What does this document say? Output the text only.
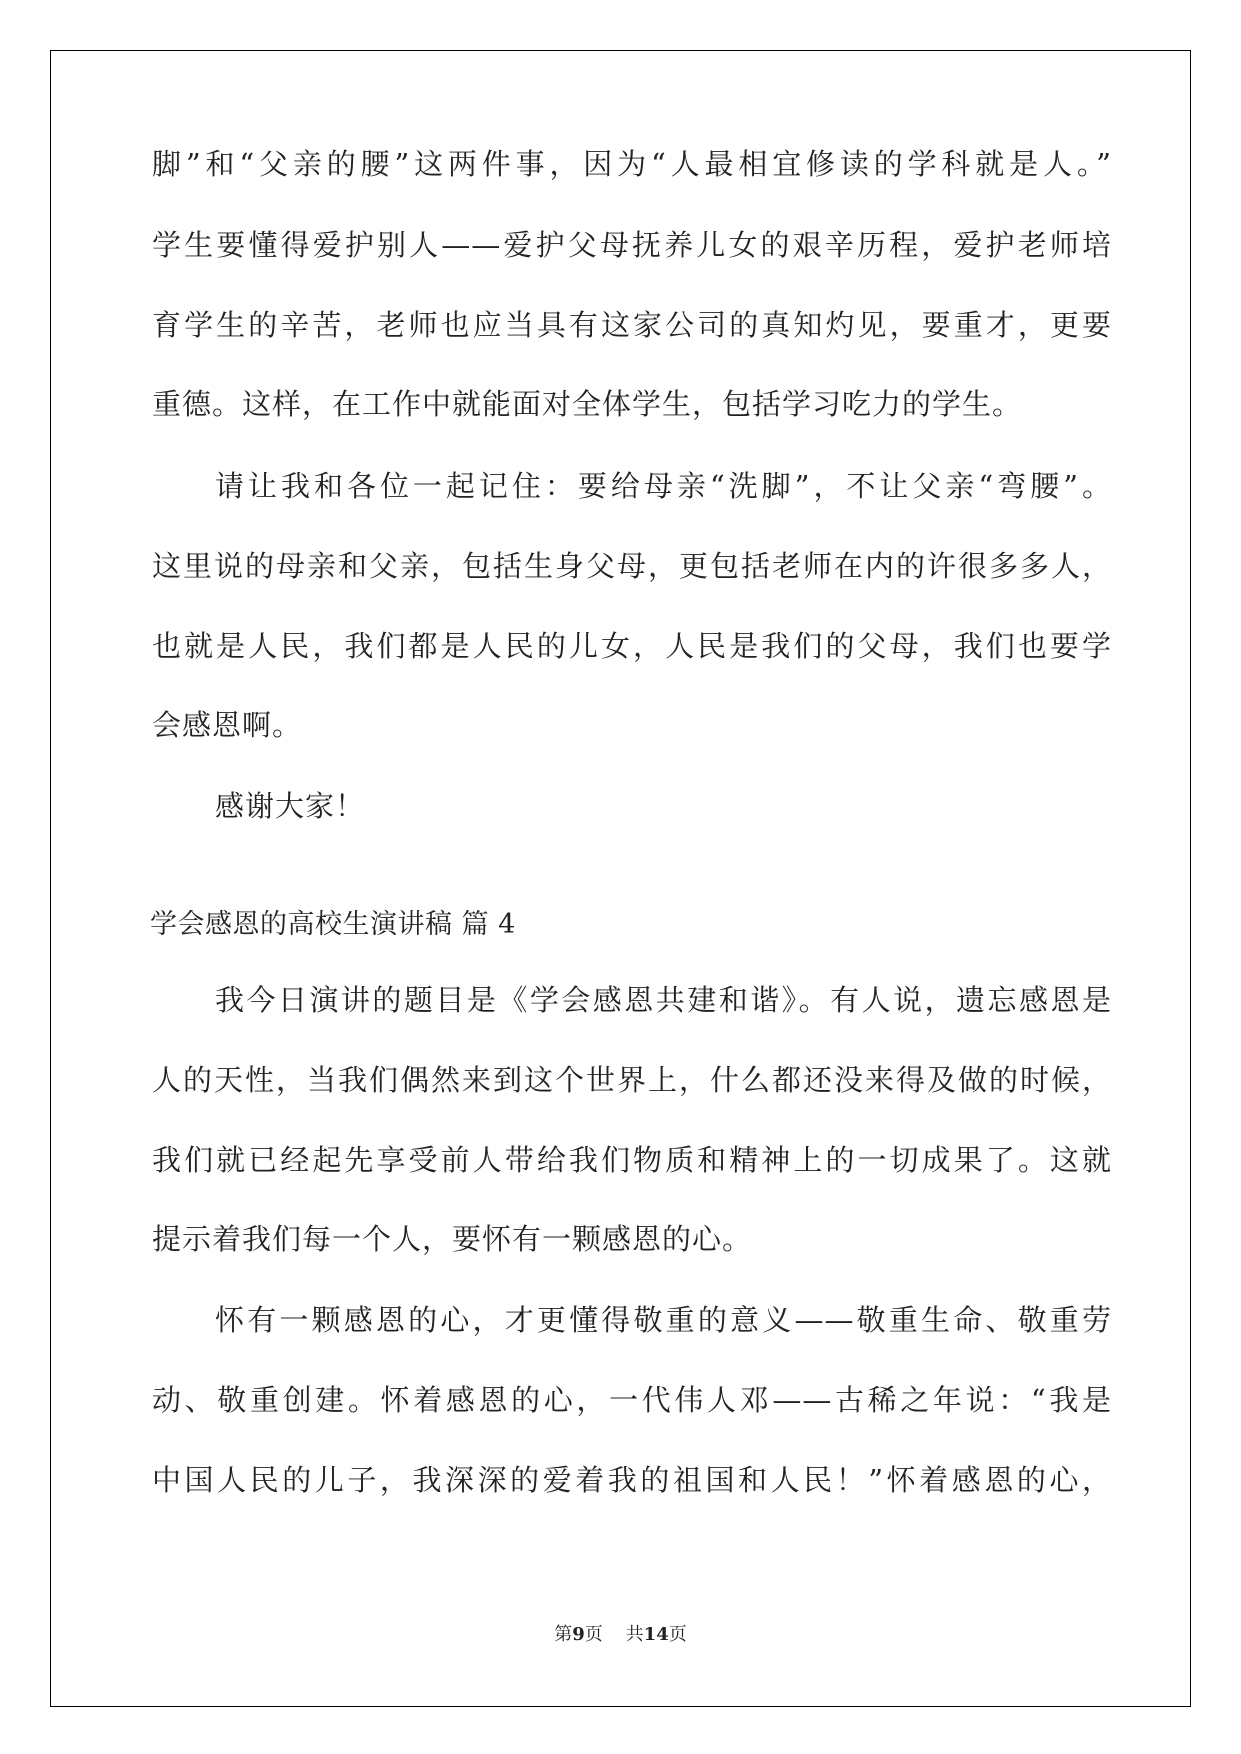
脚”和“父亲的腰”这两件事，因为“人最相宜修读的学科就是人。”
学生要懂得爱护别人——爱护父母抚养儿女的艰辛历程，爱护老师培
育学生的辛苦，老师也应当具有这家公司的真知灼见，要重才，更要
重德。这样，在工作中就能面对全体学生，包括学习吃力的学生。
请让我和各位一起记住：要给母亲“洗脚”，不让父亲“弯腰”。
这里说的母亲和父亲，包括生身父母，更包括老师在内的许很多多人，
也就是人民，我们都是人民的儿女，人民是我们的父母，我们也要学
会感恩啊。
感谢大家！
学会感恩的高校生演讲稿 篇 4
我今日演讲的题目是《学会感恩共建和谐》。有人说，遗忘感恩是
人的天性，当我们偶然来到这个世界上，什么都还没来得及做的时候，
我们就已经起先享受前人带给我们物质和精神上的一切成果了。这就
提示着我们每一个人，要怀有一颗感恩的心。
怀有一颗感恩的心，才更懂得敬重的意义——敬重生命、敬重劳
动、敬重创建。怀着感恩的心，一代伟人邓——古稀之年说：“我是
中国人民的儿子，我深深的爱着我的祖国和人民！”怀着感恩的心，
第9页 共14页
